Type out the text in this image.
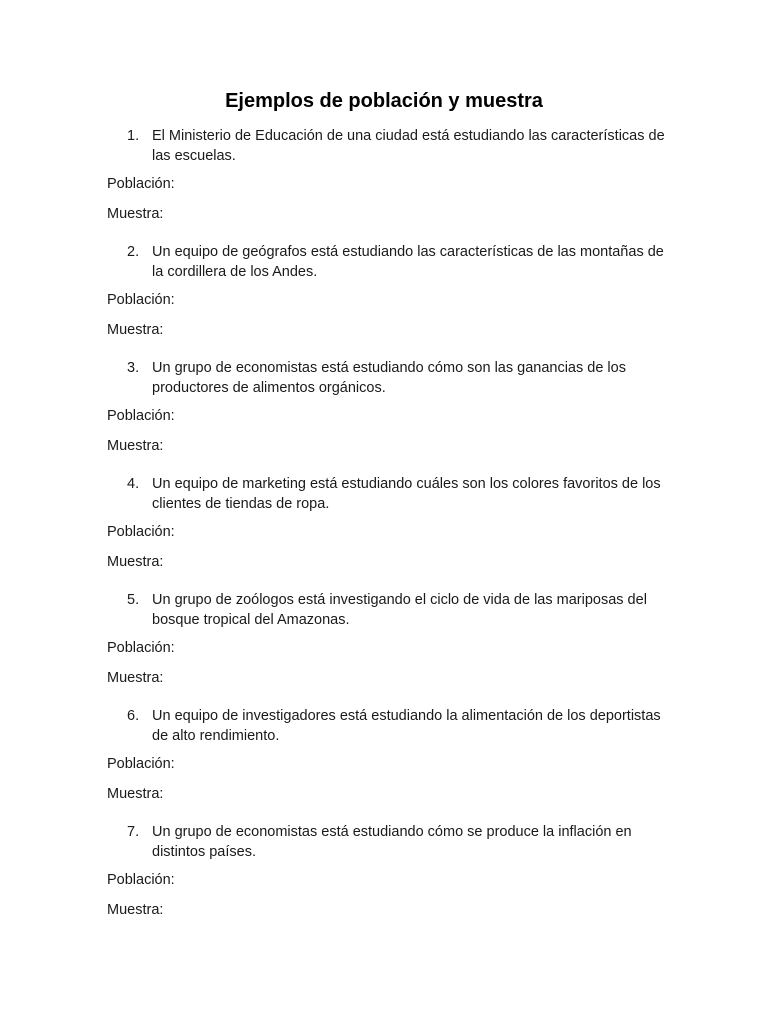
Ejemplos de población y muestra

1. El Ministerio de Educación de una ciudad está estudiando las características de las escuelas.

Población:
Muestra:

2. Un equipo de geógrafos está estudiando las características de las montañas de la cordillera de los Andes.

Población:
Muestra:

3. Un grupo de economistas está estudiando cómo son las ganancias de los productores de alimentos orgánicos.

Población:
Muestra:

4. Un equipo de marketing está estudiando cuáles son los colores favoritos de los clientes de tiendas de ropa.

Población:
Muestra:

5. Un grupo de zoólogos está investigando el ciclo de vida de las mariposas del bosque tropical del Amazonas.

Población:
Muestra:

6. Un equipo de investigadores está estudiando la alimentación de los deportistas de alto rendimiento.

Población:
Muestra:

7. Un grupo de economistas está estudiando cómo se produce la inflación en distintos países.

Población:
Muestra:
